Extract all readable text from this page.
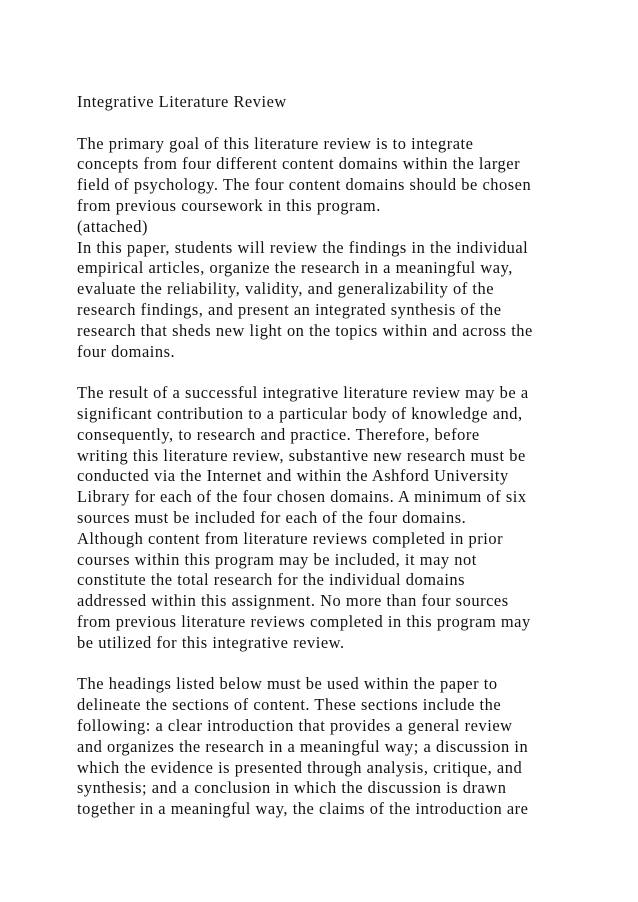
Integrative Literature Review
The primary goal of this literature review is to integrate
concepts from four different content domains within the larger
field of psychology. The four content domains should be chosen
from previous coursework in this program.
(attached)
In this paper, students will review the findings in the individual
empirical articles, organize the research in a meaningful way,
evaluate the reliability, validity, and generalizability of the
research findings, and present an integrated synthesis of the
research that sheds new light on the topics within and across the
four domains.
The result of a successful integrative literature review may be a
significant contribution to a particular body of knowledge and,
consequently, to research and practice. Therefore, before
writing this literature review, substantive new research must be
conducted via the Internet and within the Ashford University
Library for each of the four chosen domains. A minimum of six
sources must be included for each of the four domains.
Although content from literature reviews completed in prior
courses within this program may be included, it may not
constitute the total research for the individual domains
addressed within this assignment. No more than four sources
from previous literature reviews completed in this program may
be utilized for this integrative review.
The headings listed below must be used within the paper to
delineate the sections of content. These sections include the
following: a clear introduction that provides a general review
and organizes the research in a meaningful way; a discussion in
which the evidence is presented through analysis, critique, and
synthesis; and a conclusion in which the discussion is drawn
together in a meaningful way, the claims of the introduction are
